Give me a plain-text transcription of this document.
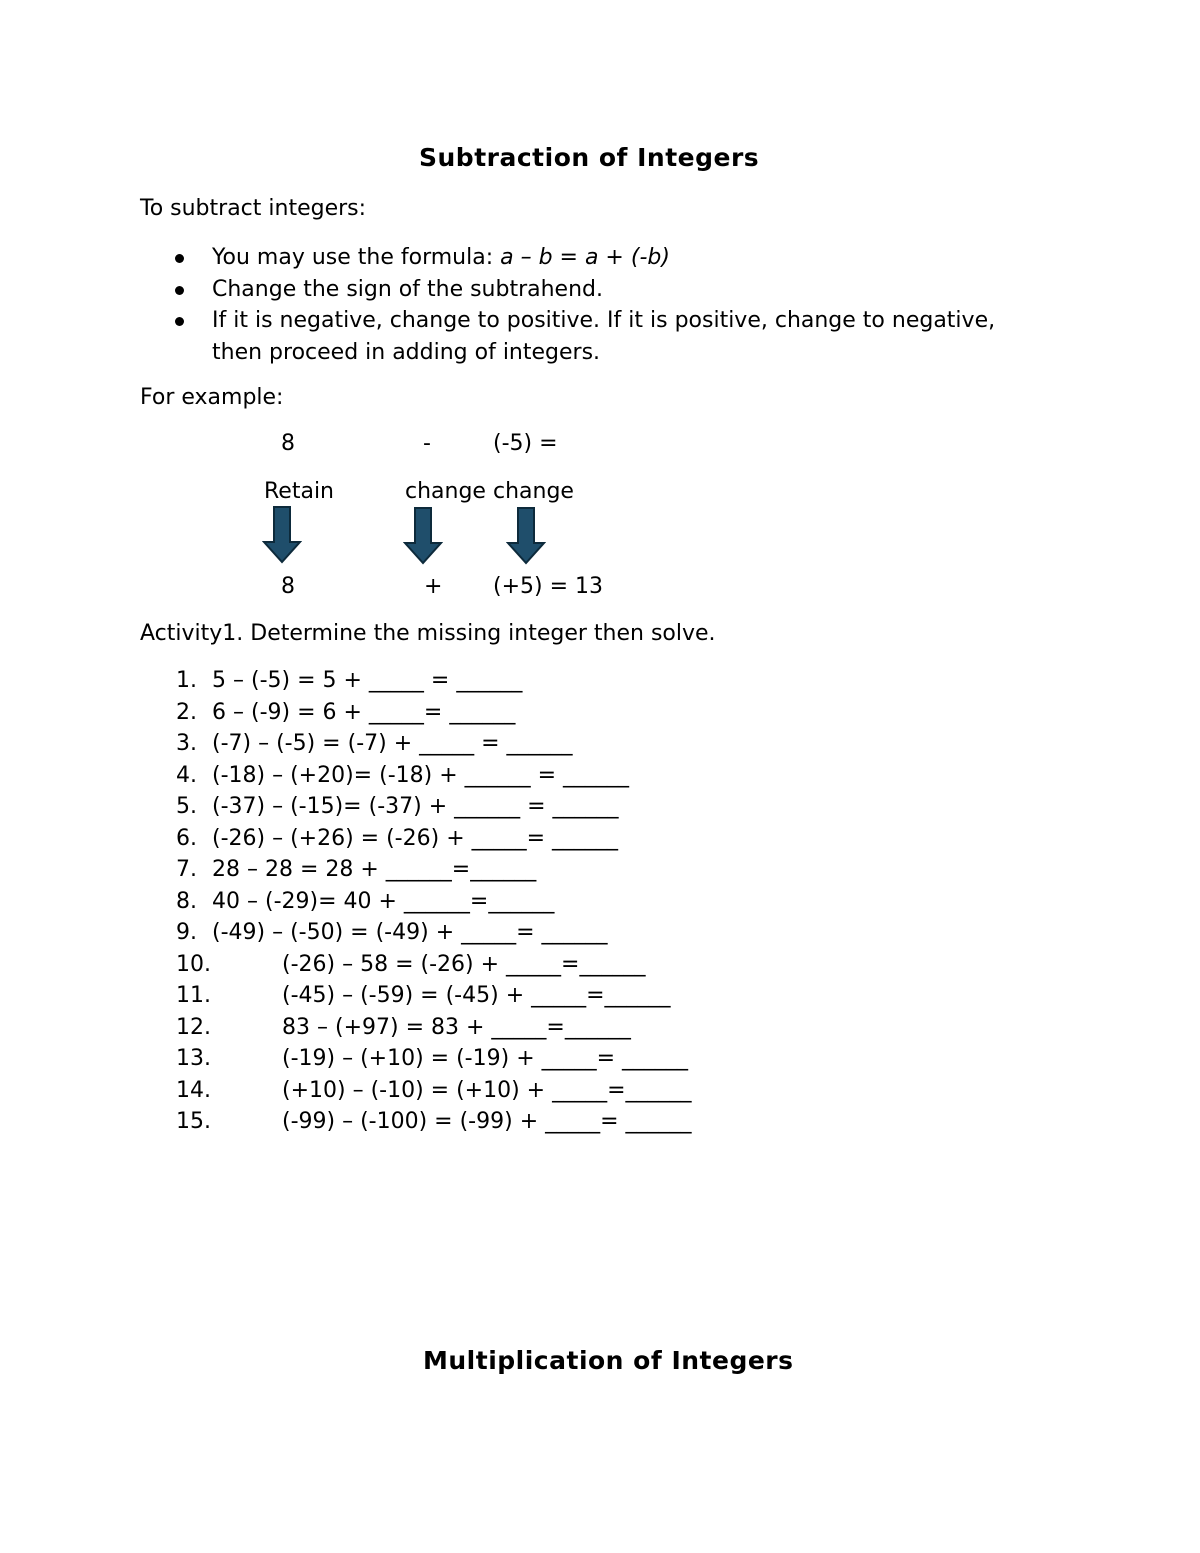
Subtraction of Integers
To subtract integers:
You may use the formula: a – b = a + (-b)
Change the sign of the subtrahend.
If it is negative, change to positive. If it is positive, change to negative,
then proceed in adding of integers.
For example:
8	-	(-5) =
Retain	change change
8	+ (+5) = 13
Activity1. Determine the missing integer then solve.
1. 5 – (-5) = 5 + _____ = ______
2. 6 – (-9) = 6 + _____= ______
3. (-7) – (-5) = (-7) + _____ = ______
4. (-18) – (+20)= (-18) + ______ = ______
5. (-37) – (-15)= (-37) + ______ = ______
6. (-26) – (+26) = (-26) + _____= ______
7. 28 – 28 = 28 + ______=______
8. 40 – (-29)= 40 + ______=______
9. (-49) – (-50) = (-49) + _____= ______
10.	(-26) – 58 = (-26) + _____=______
11.	(-45) – (-59) = (-45) + _____=______
12.	83 – (+97) = 83 + _____=______
13.	(-19) – (+10) = (-19) + _____= ______
14.	(+10) – (-10) = (+10) + _____=______
15.	(-99) – (-100) = (-99) + _____= ______
Multiplication of Integers
